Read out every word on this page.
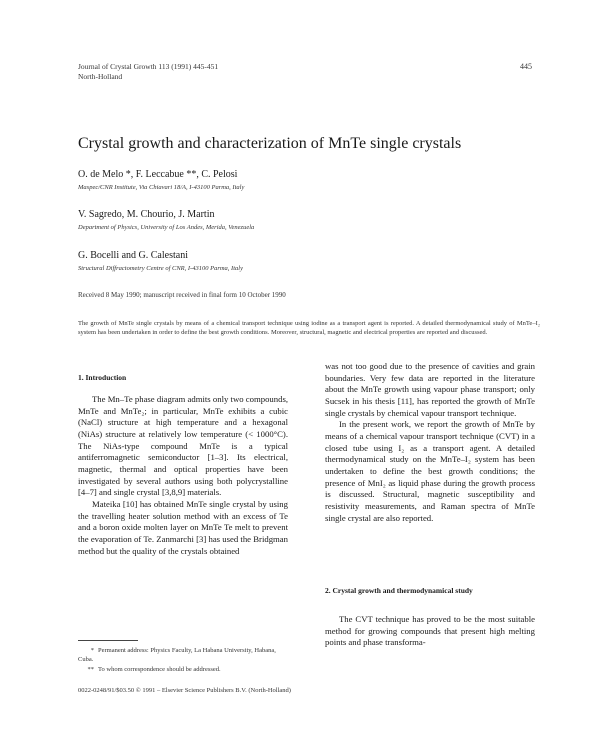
Journal of Crystal Growth 113 (1991) 445-451
North-Holland
445
Crystal growth and characterization of MnTe single crystals
O. de Melo *, F. Leccabue **, C. Pelosi
Maspec/CNR Institute, Via Chiavari 18/A, I-43100 Parma, Italy
V. Sagredo, M. Chourio, J. Martin
Department of Physics, University of Los Andes, Merida, Venezuela
G. Bocelli and G. Calestani
Structural Diffractometry Centre of CNR, I-43100 Parma, Italy
Received 8 May 1990; manuscript received in final form 10 October 1990
The growth of MnTe single crystals by means of a chemical transport technique using iodine as a transport agent is reported. A detailed thermodynamical study of MnTe–I₂ system has been undertaken in order to define the best growth conditions. Moreover, structural, magnetic and electrical properties are reported and discussed.
1. Introduction

The Mn–Te phase diagram admits only two compounds, MnTe and MnTe₂; in particular, MnTe exhibits a cubic (NaCl) structure at high temperature and a hexagonal (NiAs) structure at relatively low temperature (< 1000°C). The NiAs-type compound MnTe is a typical antiferromagnetic semiconductor [1–3]. Its electrical, magnetic, thermal and optical properties have been investigated by several authors using both polycrystalline [4–7] and single crystal [3,8,9] materials.

Mateika [10] has obtained MnTe single crystal by using the travelling heater solution method with an excess of Te and a boron oxide molten layer on MnTe Te melt to prevent the evaporation of Te. Zanmarchi [3] has used the Bridgman method but the quality of the crystals obtained

was not too good due to the presence of cavities and grain boundaries. Very few data are reported in the literature about the MnTe growth using vapour phase transport; only Sucsek in his thesis [11], has reported the growth of MnTe single crystals by chemical vapour transport technique.

In the present work, we report the growth of MnTe by means of a chemical vapour transport technique (CVT) in a closed tube using I₂ as a transport agent. A detailed thermodynamical study on the MnTe–I₂ system has been undertaken to define the best growth conditions; the presence of MnI₂ as liquid phase during the growth process is discussed. Structural, magnetic susceptibility and resistivity measurements, and Raman spectra of MnTe single crystal are also reported.

2. Crystal growth and thermodynamical study

The CVT technique has proved to be the most suitable method for growing compounds that present high melting points and phase transforma-

* Permanent address: Physics Faculty, La Habana University, Habana, Cuba.
** To whom correspondence should be addressed.
0022-0248/91/$03.50 © 1991 – Elsevier Science Publishers B.V. (North-Holland)
